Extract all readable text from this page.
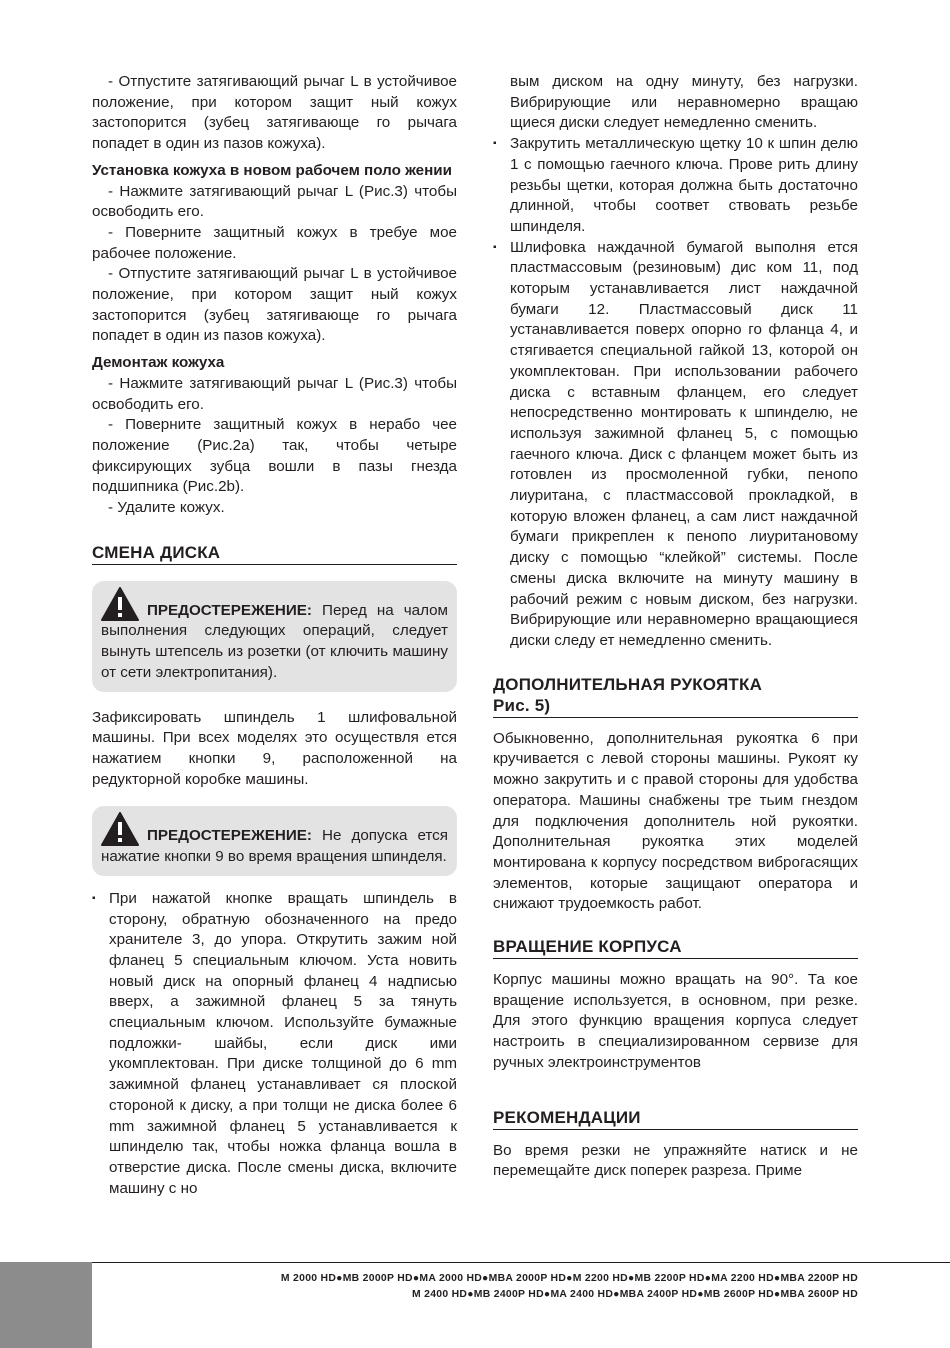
- Отпустите затягивающий рычаг L в устойчивое положение, при котором защит ный кожух застопорится (зубец затягивающе го рычага попадет в один из пазов кожуха).

Установка кожуха в новом рабочем поло жении

- Нажмите затягивающий рычаг L (Рис.3) чтобы освободить его.

- Поверните защитный кожух в требуе мое рабочее положение.

- Отпустите затягивающий рычаг L в устойчивое положение, при котором защит ный кожух застопорится (зубец затягивающе го рычага попадет в один из пазов кожуха).

Демонтаж кожуха

- Нажмите затягивающий рычаг L (Рис.3) чтобы освободить его.

- Поверните защитный кожух в нерабо чее положение (Рис.2а) так, чтобы четыре фиксирующих зубца вошли в пазы гнезда подшипника (Рис.2b).

- Удалите кожух.

СМЕНА ДИСКА

ПРЕДОСТЕРЕЖЕНИЕ: Перед на чалом выполнения следующих операций, следует вынуть штепсель из розетки (от ключить машину от сети электропитания).

Зафиксировать шпиндель 1 шлифовальной машины. При всех моделях это осуществля ется нажатием кнопки 9, расположенной на редукторной коробке машины.

ПРЕДОСТЕРЕЖЕНИЕ: Не допуска ется нажатие кнопки 9 во время вращения шпинделя.

▪ При нажатой кнопке вращать шпиндель в сторону, обратную обозначенного на предо хранителе 3, до упора. Открутить зажим ной фланец 5 специальным ключом. Уста новить новый диск на опорный фланец 4 надписью вверх, а зажимной фланец 5 за тянуть специальным ключом. Используйте бумажные подложки- шайбы, если диск ими укомплектован. При диске толщиной до 6 mm зажимной фланец устанавливает ся плоской стороной к диску, а при толщи не диска более 6 mm зажимной фланец 5 устанавливается к шпинделю так, чтобы ножка фланца вошла в отверстие диска. После смены диска, включите машину с но

вым диском на одну минуту, без нагрузки. Вибрирующие или неравномерно вращаю щиеся диски следует немедленно сменить.

▪ Закрутить металлическую щетку 10 к шпин делю 1 с помощью гаечного ключа. Прове рить длину резьбы щетки, которая должна быть достаточно длинной, чтобы соответ ствовать резьбе шпинделя.
▪ Шлифовка наждачной бумагой выполня ется пластмассовым (резиновым) дис ком 11, под которым устанавливается лист наждачной бумаги 12. Пластмассовый диск 11 устанавливается поверх опорно го фланца 4, и стягивается специальной гайкой 13, которой он укомплектован. При использовании рабочего диска с вставным фланцем, его следует непосредственно монтировать к шпинделю, не используя зажимной фланец 5, с помощью гаечного ключа. Диск с фланцем может быть из готовлен из просмоленной губки, пенопо лиуритана, с пластмассовой прокладкой, в которую вложен фланец, а сам лист наждачной бумаги прикреплен к пенопо лиуритановому диску с помощью “клейкой” системы. После смены диска включите на минуту машину в рабочий режим с новым диском, без нагрузки. Вибрирующие или неравномерно вращающиеся диски следу ет немедленно сменить.
ДОПОЛНИТЕЛЬНАЯ РУКОЯТКА
Рис. 5)

Обыкновенно, дополнительная рукоятка 6 при кручивается с левой стороны машины. Рукоят ку можно закрутить и с правой стороны для удобства оператора. Машины снабжены тре тьим гнездом для подключения дополнитель ной рукоятки. Дополнительная рукоятка этих моделей монтирована к корпусу посредством виброгасящих элементов, которые защищают оператора и снижают трудоемкость работ.

ВРАЩЕНИЕ КОРПУСА

Корпус машины можно вращать на 90°. Та кое вращение используется, в основном, при резке. Для этого функцию вращения корпуса следует настроить в специализированном сервизе для ручных электроинструментов

РЕКОМЕНДАЦИИ

Во время резки не упражняйте натиск и не перемещайте диск поперек разреза. Приме

M 2000 HD●MB 2000P HD●MA 2000 HD●MBA 2000P HD●M 2200 HD●MB 2200P HD●MA 2200 HD●MBA 2200P HD
M 2400 HD●MB 2400P HD●MA 2400 HD●MBA 2400P HD●MB 2600P HD●MBA 2600P HD
